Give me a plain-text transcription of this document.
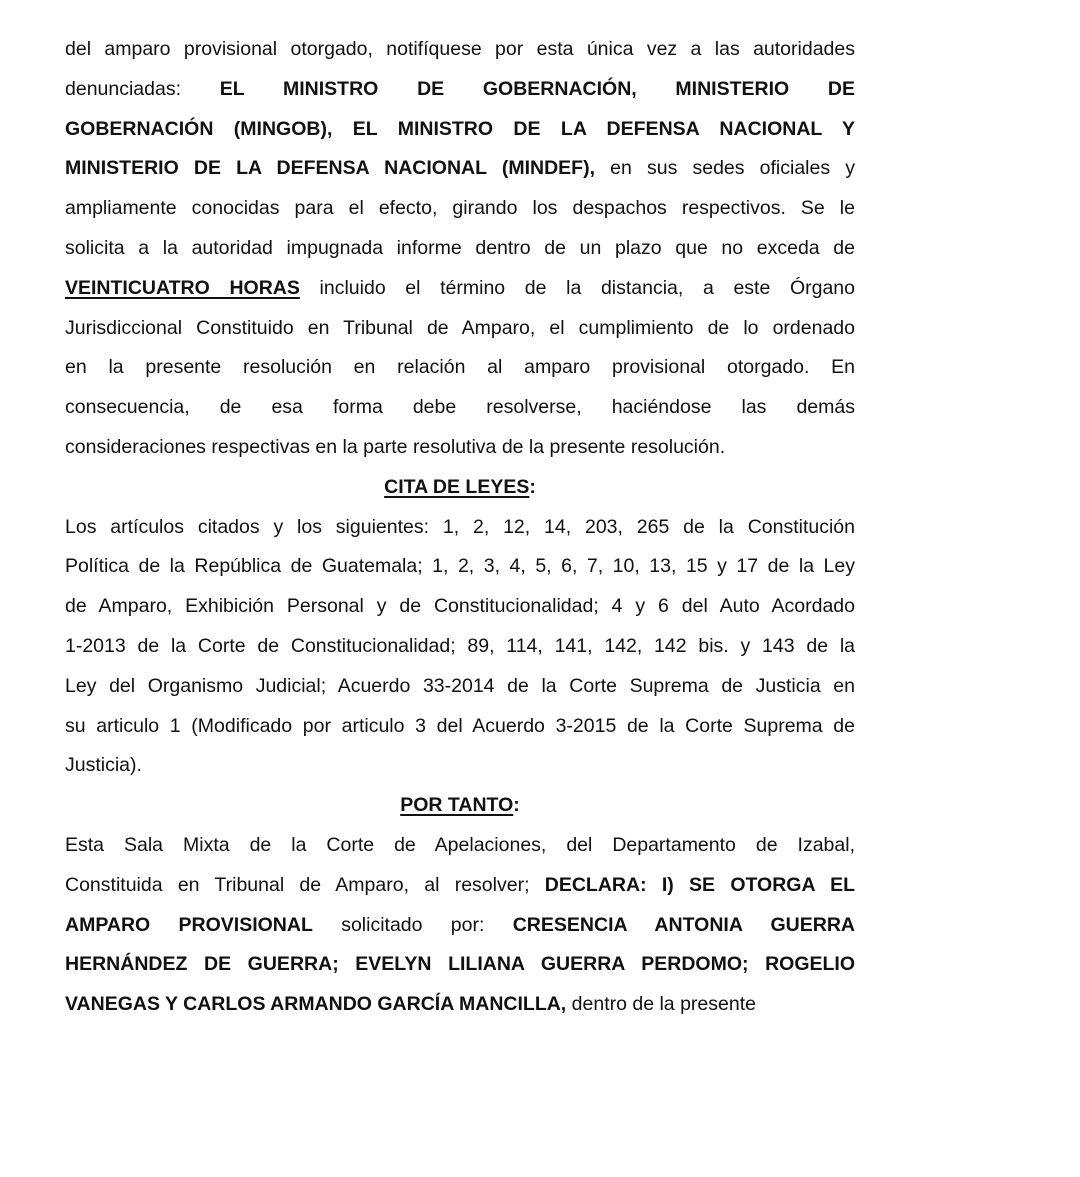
del amparo provisional otorgado, notifíquese por esta única vez a las autoridades
denunciadas: EL MINISTRO DE GOBERNACIÓN, MINISTERIO DE
GOBERNACIÓN (MINGOB), EL MINISTRO DE LA DEFENSA NACIONAL Y
MINISTERIO DE LA DEFENSA NACIONAL (MINDEF), en sus sedes oficiales y
ampliamente conocidas para el efecto, girando los despachos respectivos. Se le
solicita a la autoridad impugnada informe dentro de un plazo que no exceda de
VEINTICUATRO HORAS incluido el término de la distancia, a este Órgano
Jurisdiccional Constituido en Tribunal de Amparo, el cumplimiento de lo ordenado
en la presente resolución en relación al amparo provisional otorgado. En
consecuencia, de esa forma debe resolverse, haciéndose las demás
consideraciones respectivas en la parte resolutiva de la presente resolución.
CITA DE LEYES:
Los artículos citados y los siguientes: 1, 2, 12, 14, 203, 265 de la Constitución
Política de la República de Guatemala; 1, 2, 3, 4, 5, 6, 7, 10, 13, 15 y 17 de la Ley
de Amparo, Exhibición Personal y de Constitucionalidad; 4 y 6 del Auto Acordado
1-2013 de la Corte de Constitucionalidad; 89, 114, 141, 142, 142 bis. y 143 de la
Ley del Organismo Judicial; Acuerdo 33-2014 de la Corte Suprema de Justicia en
su articulo 1 (Modificado por articulo 3 del Acuerdo 3-2015 de la Corte Suprema de
Justicia).
POR TANTO:
Esta Sala Mixta de la Corte de Apelaciones, del Departamento de Izabal,
Constituida en Tribunal de Amparo, al resolver; DECLARA: I) SE OTORGA EL
AMPARO PROVISIONAL solicitado por: CRESENCIA ANTONIA GUERRA
HERNÁNDEZ DE GUERRA; EVELYN LILIANA GUERRA PERDOMO; ROGELIO
VANEGAS Y CARLOS ARMANDO GARCÍA MANCILLA, dentro de la presente
